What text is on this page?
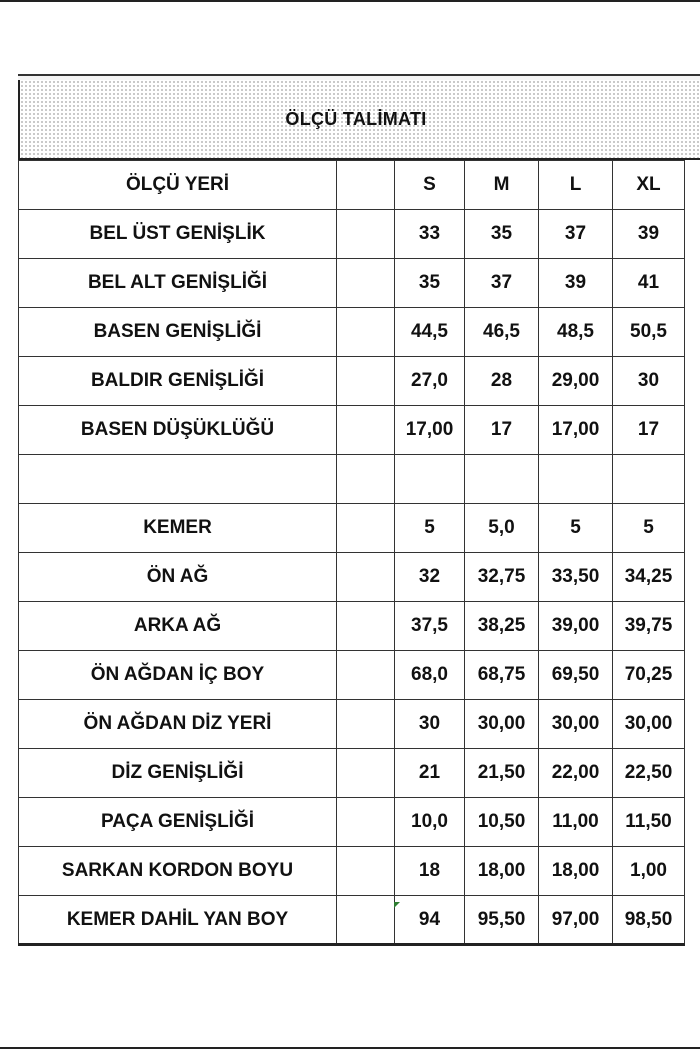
ÖLÇÜ TALİMATI
ÖLÇÜ YERİ		S	M	L	XL
BEL ÜST GENİŞLİK		33	35	37	39
BEL ALT GENİŞLİĞİ		35	37	39	41
BASEN GENİŞLİĞİ		44,5	46,5	48,5	50,5
BALDIR GENİŞLİĞİ		27,0	28	29,00	30
BASEN DÜŞÜKLÜĞÜ		17,00	17	17,00	17

KEMER		5	5,0	5	5
ÖN AĞ		32	32,75	33,50	34,25
ARKA AĞ		37,5	38,25	39,00	39,75
ÖN AĞDAN İÇ BOY		68,0	68,75	69,50	70,25
ÖN AĞDAN DİZ YERİ		30	30,00	30,00	30,00
DİZ GENİŞLİĞİ		21	21,50	22,00	22,50
PAÇA GENİŞLİĞİ		10,0	10,50	11,00	11,50
SARKAN KORDON BOYU		18	18,00	18,00	1,00
KEMER DAHİL YAN BOY		94	95,50	97,00	98,50
